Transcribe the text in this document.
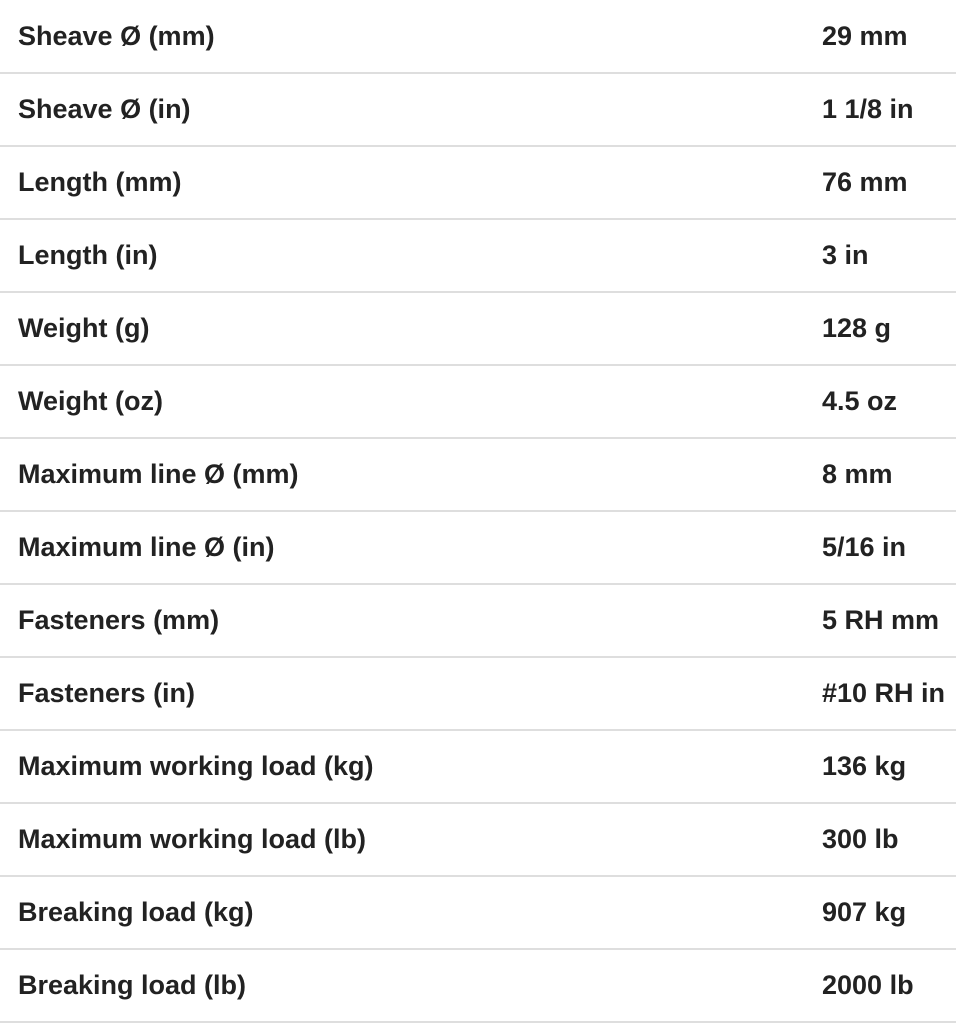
Sheave Ø (mm)	29 mm
Sheave Ø (in)	1 1/8 in
Length (mm)	76 mm
Length (in)	3 in
Weight (g)	128 g
Weight (oz)	4.5 oz
Maximum line Ø (mm)	8 mm
Maximum line Ø (in)	5/16 in
Fasteners (mm)	5 RH mm
Fasteners (in)	#10 RH in
Maximum working load (kg)	136 kg
Maximum working load (lb)	300 lb
Breaking load (kg)	907 kg
Breaking load (lb)	2000 lb
